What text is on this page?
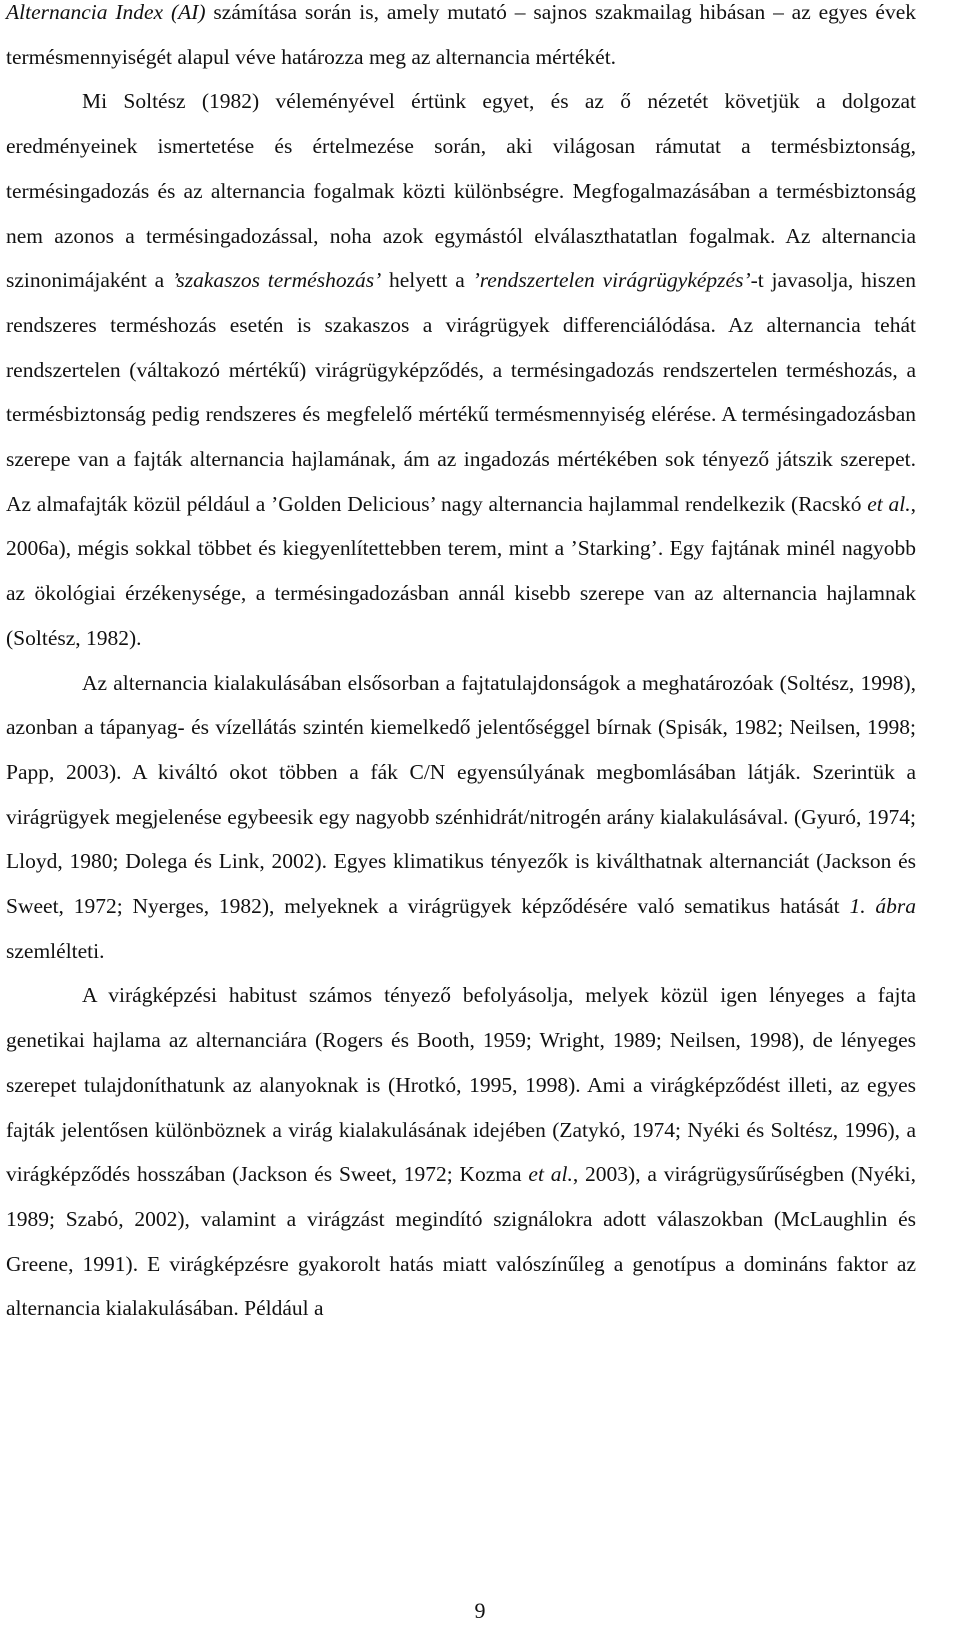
Alternancia Index (AI) számítása során is, amely mutató – sajnos szakmailag hibásan – az egyes évek termésmennyiségét alapul véve határozza meg az alternancia mértékét.

Mi Soltész (1982) véleményével értünk egyet, és az ő nézetét követjük a dolgozat eredményeinek ismertetése és értelmezése során, aki világosan rámutat a termésbiztonság, termésingadozás és az alternancia fogalmak közti különbségre. Megfogalmazásában a termésbiztonság nem azonos a termésingadozással, noha azok egymástól elválaszthatatlan fogalmak. Az alternancia szinonimájaként a ’szakaszos terméshozás’ helyett a ’rendszertelen virágrügyképzés’-t javasolja, hiszen rendszeres terméshozás esetén is szakaszos a virágrügyek differenciálódása. Az alternancia tehát rendszertelen (váltakozó mértékű) virágrügyképződés, a termésingadozás rendszertelen terméshozás, a termésbiztonság pedig rendszeres és megfelelő mértékű termésmennyiség elérése. A termésingadozásban szerepe van a fajták alternancia hajlamának, ám az ingadozás mértékében sok tényező játszik szerepet. Az almafajták közül például a ’Golden Delicious’ nagy alternancia hajlammal rendelkezik (Racskó et al., 2006a), mégis sokkal többet és kiegyenlítettebben terem, mint a ’Starking’. Egy fajtának minél nagyobb az ökológiai érzékenysége, a termésingadozásban annál kisebb szerepe van az alternancia hajlamnak (Soltész, 1982).

Az alternancia kialakulásában elsősorban a fajtatulajdonságok a meghatározóak (Soltész, 1998), azonban a tápanyag- és vízellátás szintén kiemelkedő jelentőséggel bírnak (Spisák, 1982; Neilsen, 1998; Papp, 2003). A kiváltó okot többen a fák C/N egyensúlyának megbomlásában látják. Szerintük a virágrügyek megjelenése egybeesik egy nagyobb szénhidrát/nitrogén arány kialakulásával. (Gyuró, 1974; Lloyd, 1980; Dolega és Link, 2002). Egyes klimatikus tényezők is kiválthatnak alternanciát (Jackson és Sweet, 1972; Nyerges, 1982), melyeknek a virágrügyek képződésére való sematikus hatását 1. ábra szemlélteti.

A virágképzési habitust számos tényező befolyásolja, melyek közül igen lényeges a fajta genetikai hajlama az alternanciára (Rogers és Booth, 1959; Wright, 1989; Neilsen, 1998), de lényeges szerepet tulajdoníthatunk az alanyoknak is (Hrotkó, 1995, 1998). Ami a virágképződést illeti, az egyes fajták jelentősen különböznek a virág kialakulásának idejében (Zatykó, 1974; Nyéki és Soltész, 1996), a virágképződés hosszában (Jackson és Sweet, 1972; Kozma et al., 2003), a virágrügysűrűségben (Nyéki, 1989; Szabó, 2002), valamint a virágzást megindító szignálokra adott válaszokban (McLaughlin és Greene, 1991). E virágképzésre gyakorolt hatás miatt valószínűleg a genotípus a domináns faktor az alternancia kialakulásában. Például a

9
